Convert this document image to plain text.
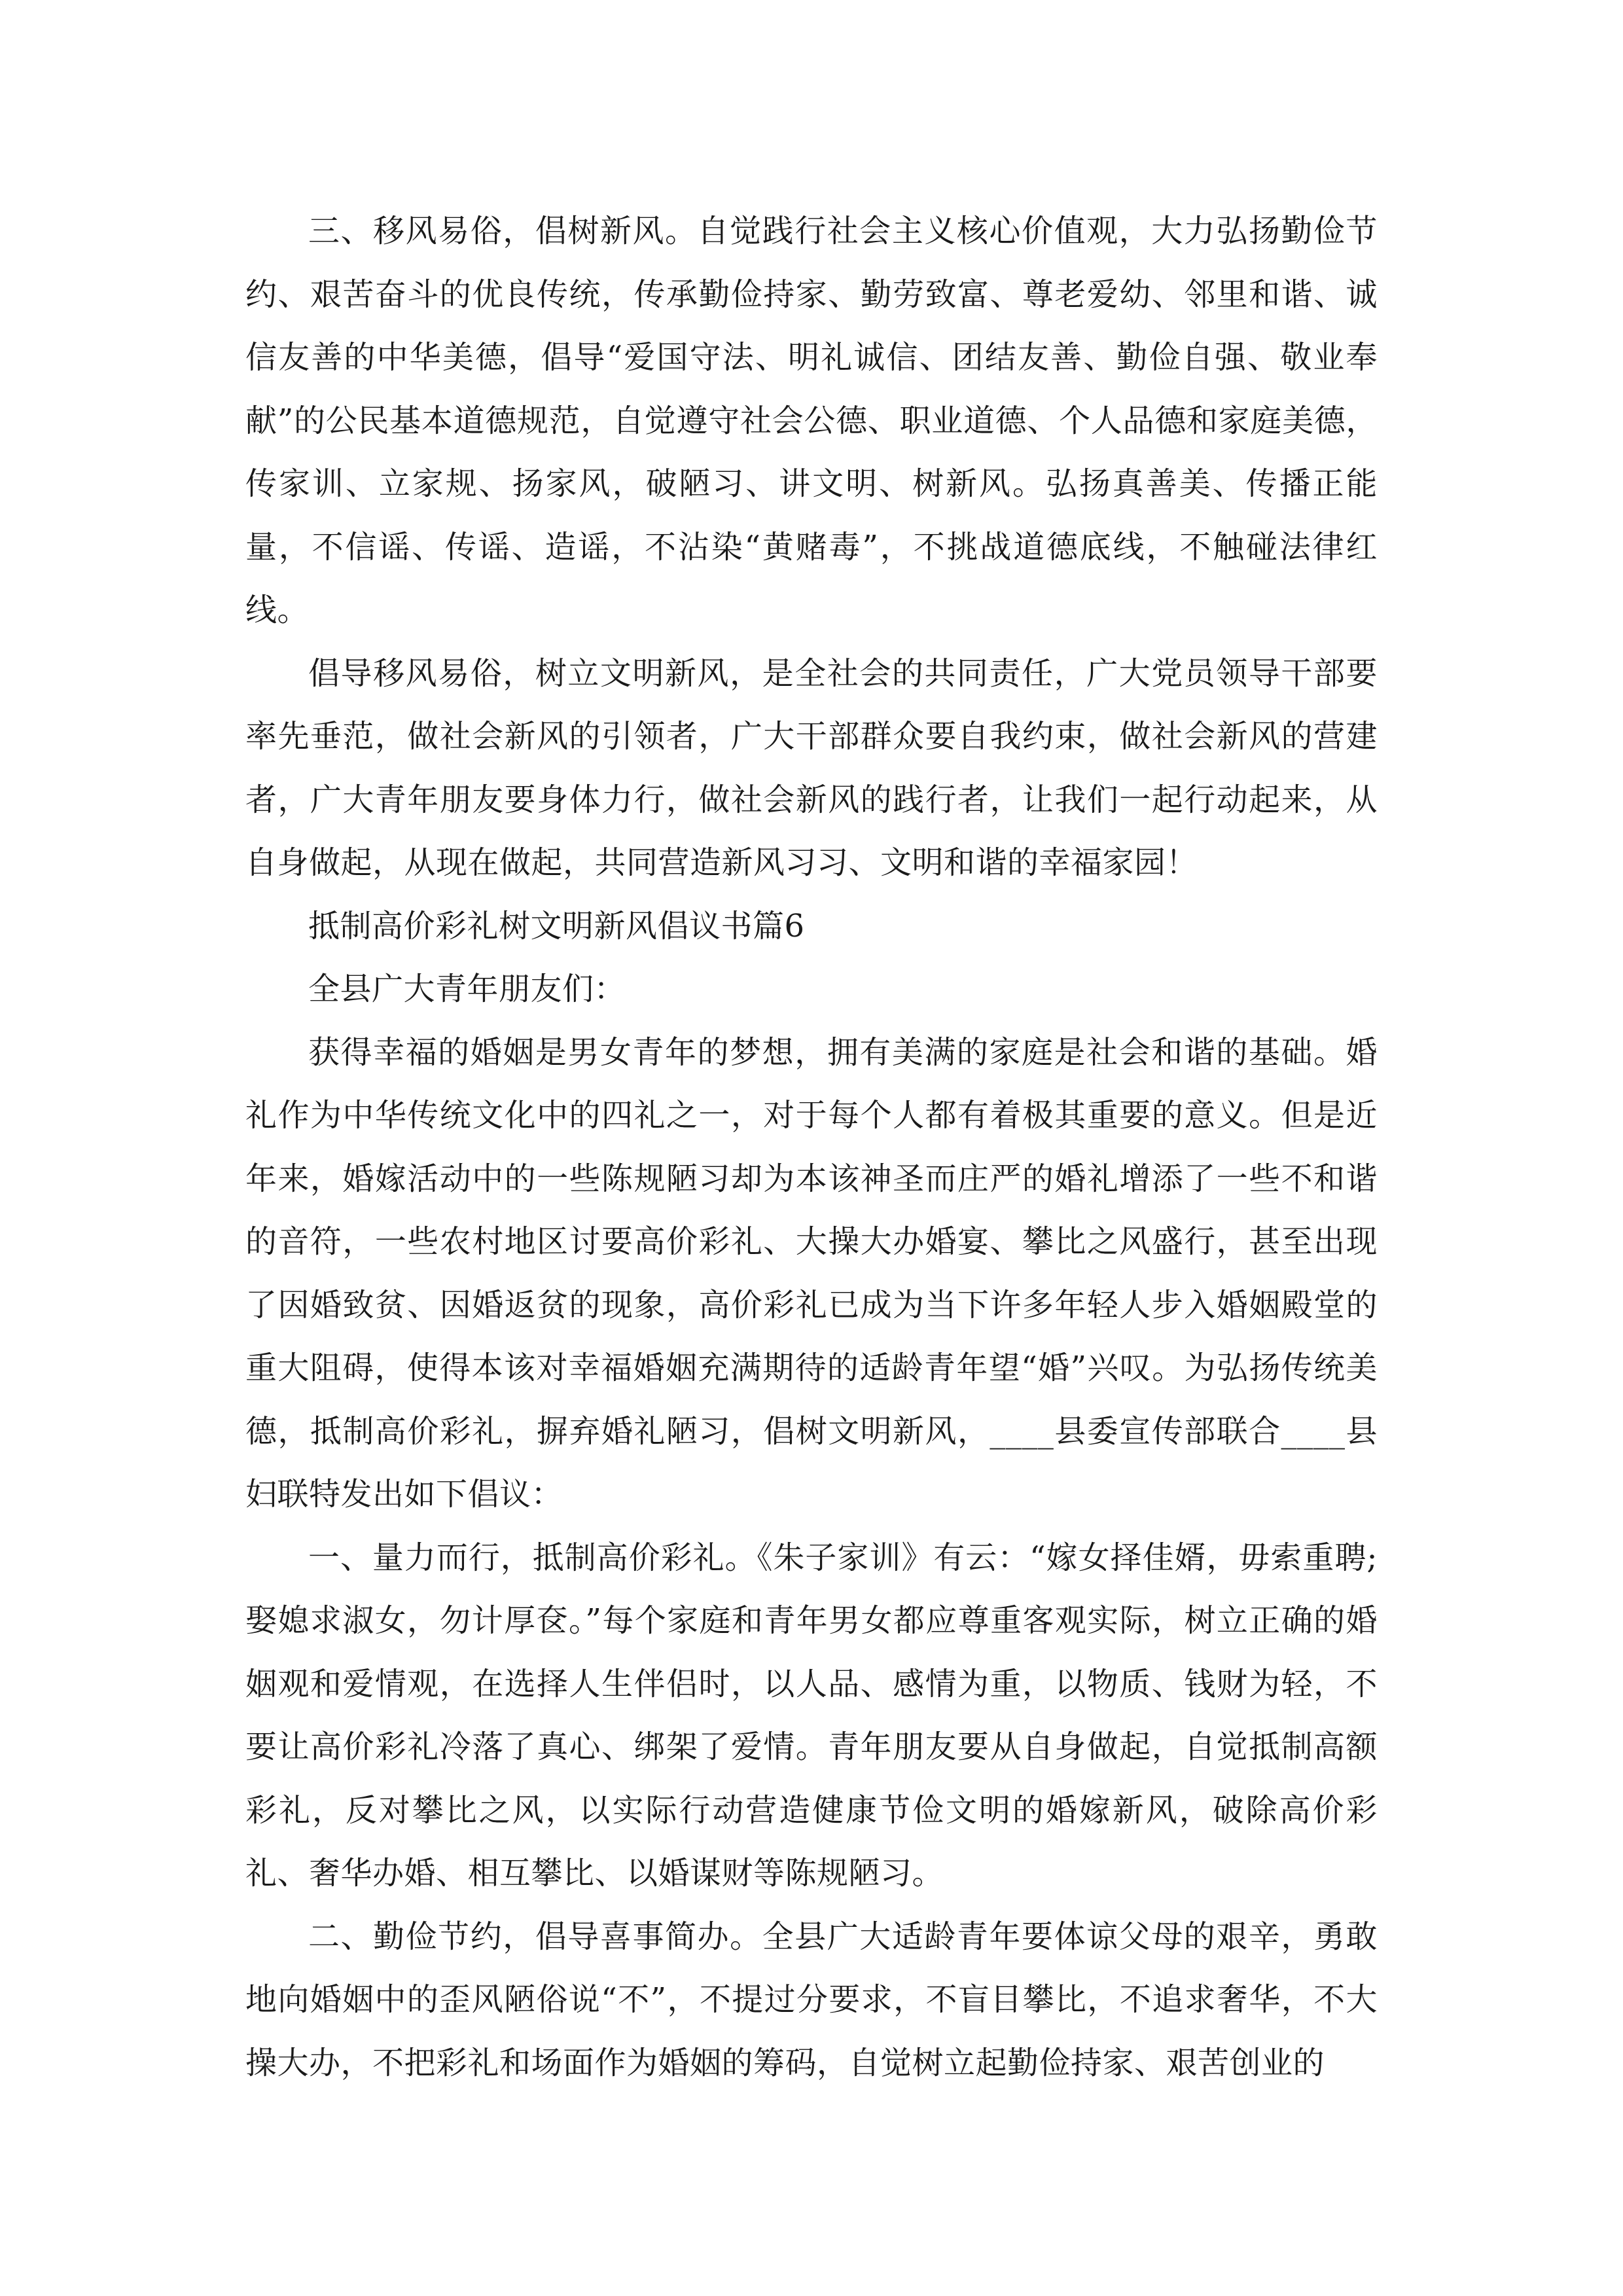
三、移风易俗，倡树新风。自觉践行社会主义核心价值观，大力弘扬勤俭节约、艰苦奋斗的优良传统，传承勤俭持家、勤劳致富、尊老爱幼、邻里和谐、诚信友善的中华美德，倡导“爱国守法、明礼诚信、团结友善、勤俭自强、敬业奉献”的公民基本道德规范，自觉遵守社会公德、职业道德、个人品德和家庭美德，传家训、立家规、扬家风，破陋习、讲文明、树新风。弘扬真善美、传播正能量，不信谣、传谣、造谣，不沾染“黄赌毒”，不挑战道德底线，不触碰法律红线。

倡导移风易俗，树立文明新风，是全社会的共同责任，广大党员领导干部要率先垂范，做社会新风的引领者，广大干部群众要自我约束，做社会新风的营建者，广大青年朋友要身体力行，做社会新风的践行者，让我们一起行动起来，从自身做起，从现在做起，共同营造新风习习、文明和谐的幸福家园！

抵制高价彩礼树文明新风倡议书篇6

全县广大青年朋友们：

获得幸福的婚姻是男女青年的梦想，拥有美满的家庭是社会和谐的基础。婚礼作为中华传统文化中的四礼之一，对于每个人都有着极其重要的意义。但是近年来，婚嫁活动中的一些陈规陋习却为本该神圣而庄严的婚礼增添了一些不和谐的音符，一些农村地区讨要高价彩礼、大操大办婚宴、攀比之风盛行，甚至出现了因婚致贫、因婚返贫的现象，高价彩礼已成为当下许多年轻人步入婚姻殿堂的重大阻碍，使得本该对幸福婚姻充满期待的适龄青年望“婚”兴叹。为弘扬传统美德，抵制高价彩礼，摒弃婚礼陋习，倡树文明新风，____县委宣传部联合____县妇联特发出如下倡议：

一、量力而行，抵制高价彩礼。《朱子家训》有云：“嫁女择佳婿，毋索重聘;娶媳求淑女，勿计厚奁。”每个家庭和青年男女都应尊重客观实际，树立正确的婚姻观和爱情观，在选择人生伴侣时，以人品、感情为重，以物质、钱财为轻，不要让高价彩礼冷落了真心、绑架了爱情。青年朋友要从自身做起，自觉抵制高额彩礼，反对攀比之风，以实际行动营造健康节俭文明的婚嫁新风，破除高价彩礼、奢华办婚、相互攀比、以婚谋财等陈规陋习。

二、勤俭节约，倡导喜事简办。全县广大适龄青年要体谅父母的艰辛，勇敢地向婚姻中的歪风陋俗说“不”，不提过分要求，不盲目攀比，不追求奢华，不大操大办，不把彩礼和场面作为婚姻的筹码，自觉树立起勤俭持家、艰苦创业的
